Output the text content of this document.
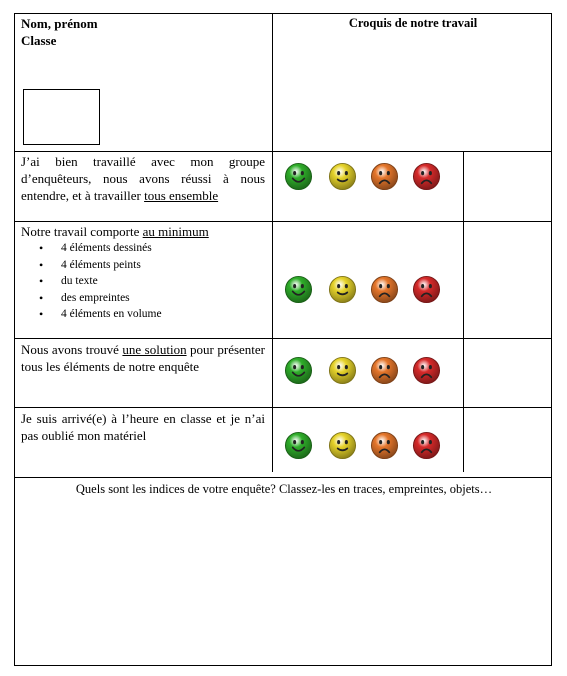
Nom, prénom
Classe
Croquis de notre travail
J’ai bien travaillé avec mon groupe d’enquêteurs, nous avons réussi à nous entendre, et à travailler tous ensemble
Notre travail comporte au minimum
• 4 éléments dessinés
• 4 éléments peints
• du texte
• des empreintes
• 4 éléments en volume
Nous avons trouvé une solution pour présenter tous les éléments de notre enquête
Je suis arrivé(e) à l’heure en classe et je n’ai pas oublié mon matériel
Quels sont les indices de votre enquête? Classez-les en traces, empreintes, objets…
